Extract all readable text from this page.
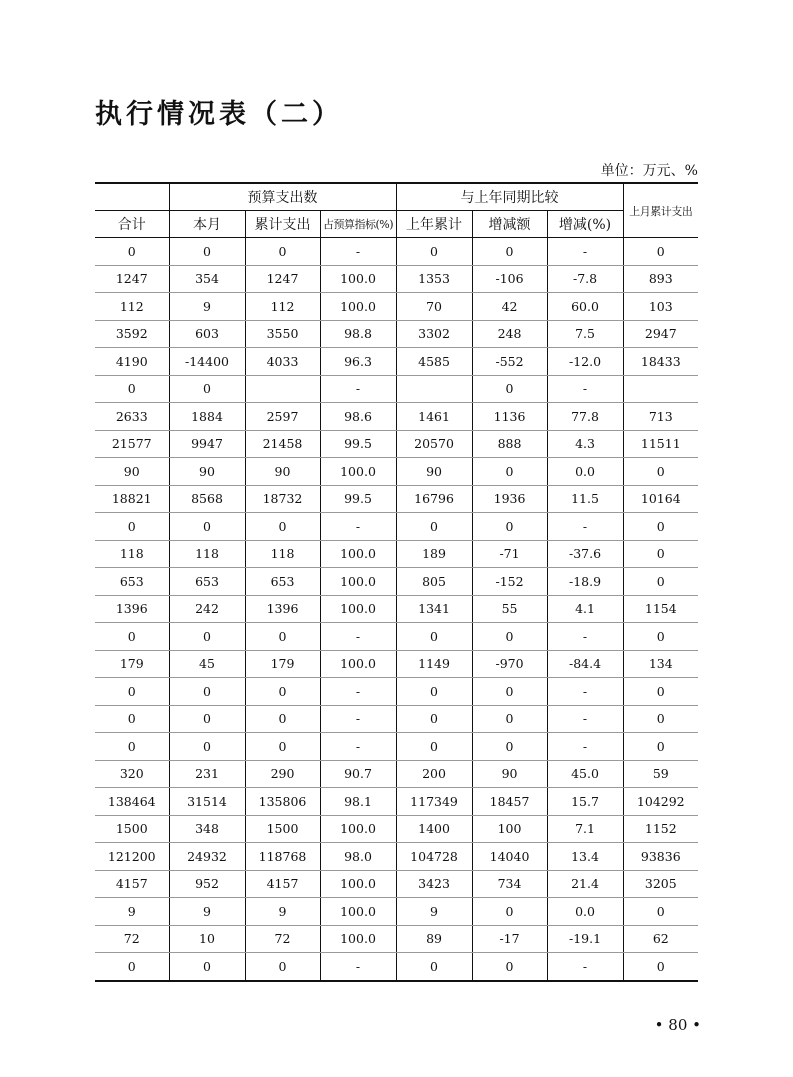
执行情况表（二）
单位：万元、%
	预算支出数			与上年同期比较			上月累计支出
合计	本月	累计支出	占预算指标(%)	上年累计	增减额	增减(%)	
0	0	0	-	0	0	-	0
1247	354	1247	100.0	1353	-106	-7.8	893
112	9	112	100.0	70	42	60.0	103
3592	603	3550	98.8	3302	248	7.5	2947
4190	-14400	4033	96.3	4585	-552	-12.0	18433
0	0		-		0	-	
2633	1884	2597	98.6	1461	1136	77.8	713
21577	9947	21458	99.5	20570	888	4.3	11511
90	90	90	100.0	90	0	0.0	0
18821	8568	18732	99.5	16796	1936	11.5	10164
0	0	0	-	0	0	-	0
118	118	118	100.0	189	-71	-37.6	0
653	653	653	100.0	805	-152	-18.9	0
1396	242	1396	100.0	1341	55	4.1	1154
0	0	0	-	0	0	-	0
179	45	179	100.0	1149	-970	-84.4	134
0	0	0	-	0	0	-	0
0	0	0	-	0	0	-	0
0	0	0	-	0	0	-	0
320	231	290	90.7	200	90	45.0	59
138464	31514	135806	98.1	117349	18457	15.7	104292
1500	348	1500	100.0	1400	100	7.1	1152
121200	24932	118768	98.0	104728	14040	13.4	93836
4157	952	4157	100.0	3423	734	21.4	3205
9	9	9	100.0	9	0	0.0	0
72	10	72	100.0	89	-17	-19.1	62
0	0	0	-	0	0	-	0
• 80 •
